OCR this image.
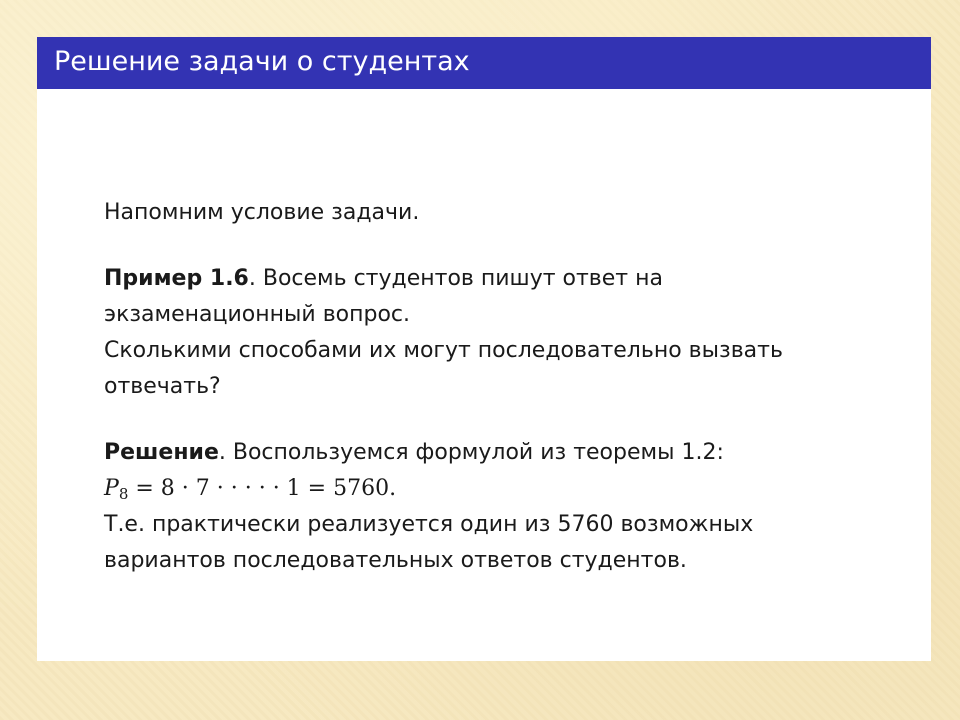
Решение задачи о студентах

Напомним условие задачи.

Пример 1.6. Восемь студентов пишут ответ на

экзаменационный вопрос.

Сколькими способами их могут последовательно вызвать

отвечать?

Решение. Воспользуемся формулой из теоремы 1.2:

$P_8 = 8 \cdot 7$ · · · · · 1 = 5760.

Т.е. практически реализуется один из 5760 возможных

вариантов последовательных ответов студентов.
